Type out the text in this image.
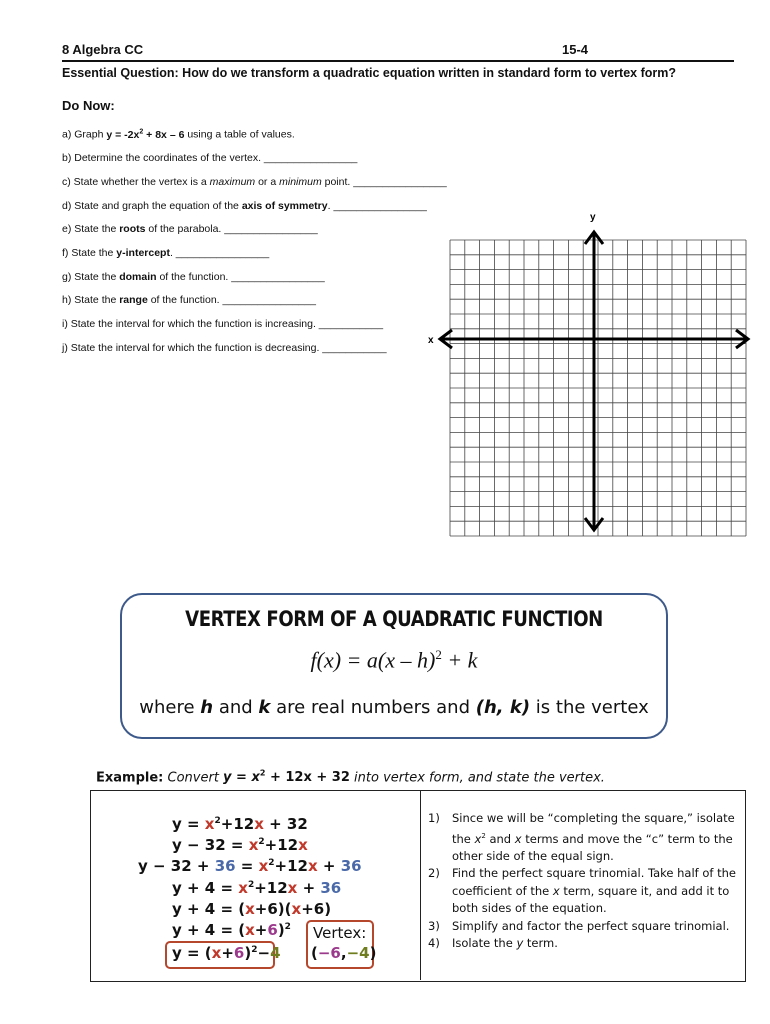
8 Algebra CC	15-4
Essential Question: How do we transform a quadratic equation written in standard form to vertex form?
Do Now:
a) Graph $y = -2x^2 + 8x - 6$ using a table of values.
b) Determine the coordinates of the vertex. ________________
c) State whether the vertex is a maximum or a minimum point. ________________
d) State and graph the equation of the axis of symmetry. ________________
e) State the roots of the parabola. ________________
f) State the y-intercept. ________________
g) State the domain of the function. ________________
h) State the range of the function. ________________
i) State the interval for which the function is increasing. ___________
j) State the interval for which the function is decreasing. ___________
x
y
VERTEX FORM OF A QUADRATIC FUNCTION
f(x) = a(x – h)$^2$ + k
where h and k are real numbers and (h, k) is the vertex
Example: Convert $y = x^2 + 12x + 32$ into vertex form, and state the vertex.
$y = x^2+12x + 32$
$y - 32 = x^2+12x$
$y - 32 + 36 = x^2+12x + 36$
$y + 4 = x^2+12x + 36$
y + 4 = (x+6)(x+6)
$y + 4 = (x+6)^2$
$y = (x+6)^2-4$
Vertex:
(−6,−4)
1)	Since we will be “completing the square,” isolate the $x^2$ and x terms and move the “c” term to the other side of the equal sign.
2)	Find the perfect square trinomial. Take half of the coefficient of the x term, square it, and add it to both sides of the equation.
3)	Simplify and factor the perfect square trinomial.
4)	Isolate the y term.
